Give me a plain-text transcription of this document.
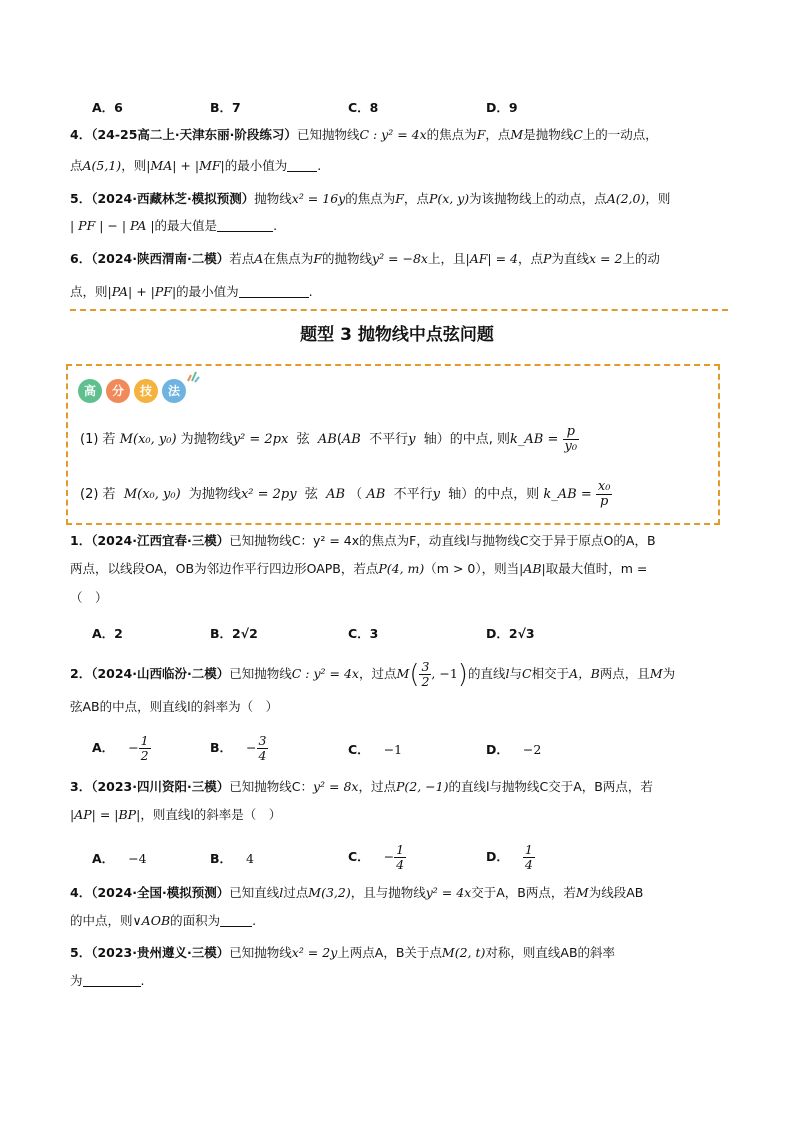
A．6	B．7	C．8	D．9
4．（24-25高二上·天津东丽·阶段练习）已知抛物线C : y² = 4x的焦点为F，点M是抛物线C上的一动点，
点A(5,1)，则|MA| + |MF|的最小值为 .
5．（2024·西藏林芝·模拟预测）抛物线x² = 16y的焦点为F，点P(x, y)为该抛物线上的动点，点A(2,0)，则
| PF | − | PA |的最大值是	.
6．（2024·陕西渭南·二模）若点A在焦点为F的抛物线y² = −8x上，且|AF| = 4，点P为直线x = 2上的动
点，则|PA| + |PF|的最小值为	.
题型 3 抛物线中点弦问题
高	分	技	法
(1) 若 M(x₀, y₀) 为抛物线y² = 2px 弦 AB(AB 不平行y 轴）的中点, 则k_AB = $\frac{p}{\text{y₀}}$
(2) 若 M(x₀, y₀) 为抛物线x² = 2py 弦 AB （ AB 不平行y 轴）的中点，则 k_AB = $\frac{\text{x₀}}{p}$
1．（2024·江西宜春·三模）已知抛物线C：y² = 4x的焦点为F，动直线l与抛物线C交于异于原点O的A，B
两点，以线段OA，OB为邻边作平行四边形OAPB，若点P(4, m)（m > 0），则当|AB|取最大值时，m =
（　）
A．2	B．2√2	C．3	D．2√3
2．（2024·山西临汾·二模）已知抛物线C : y² = 4x，过点$M( \frac{3}{2}$ , −1)的直线l与C相交于A，B两点，且M为
弦AB的中点，则直线l的斜率为（　）
A． − $\frac{1}{2}$	B． − $\frac{3}{4}$	C． −1	D． −2
3．（2023·四川资阳·三模）已知抛物线C：y² = 8x，过点P(2, −1)的直线l与抛物线C交于A，B两点，若
|AP| = |BP|，则直线l的斜率是（　）
A． −4	B． 4	C． − $\frac{1}{4}$	D． $\frac{1}{4}$
4．（2024·全国·模拟预测）已知直线l过点M(3,2)，且与抛物线y² = 4x交于A，B两点，若M为线段AB
的中点，则∨AOB的面积为	.
5．（2023·贵州遵义·三模）已知抛物线x² = 2y上两点A，B关于点M(2, t)对称，则直线AB的斜率
为	.
